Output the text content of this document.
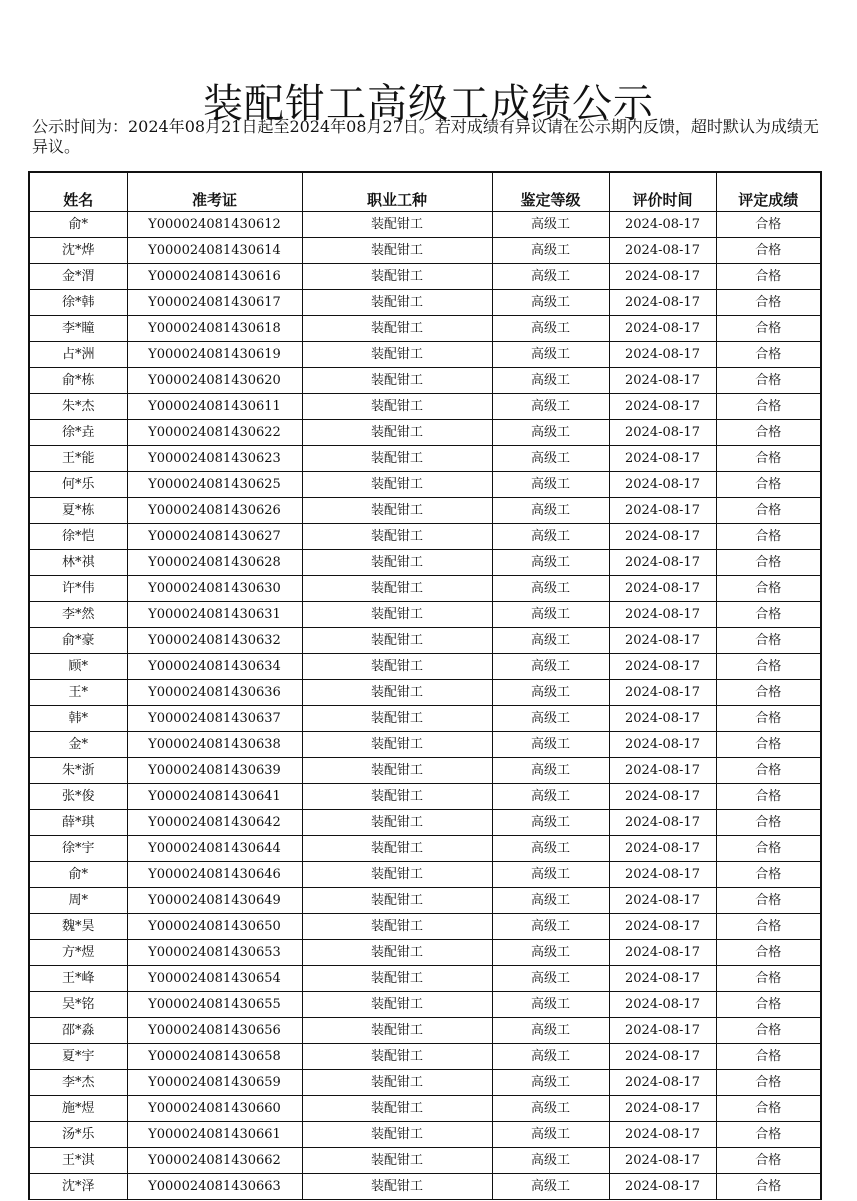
装配钳工高级工成绩公示
公示时间为：2024年08月21日起至2024年08月27日。若对成绩有异议请在公示期内反馈，超时默认为成绩无异议。
姓名	准考证	职业工种	鉴定等级	评价时间	评定成绩
俞*	Y000024081430612	装配钳工	高级工	2024-08-17	合格
沈*烨	Y000024081430614	装配钳工	高级工	2024-08-17	合格
金*渭	Y000024081430616	装配钳工	高级工	2024-08-17	合格
徐*韩	Y000024081430617	装配钳工	高级工	2024-08-17	合格
李*瞳	Y000024081430618	装配钳工	高级工	2024-08-17	合格
占*洲	Y000024081430619	装配钳工	高级工	2024-08-17	合格
俞*栋	Y000024081430620	装配钳工	高级工	2024-08-17	合格
朱*杰	Y000024081430611	装配钳工	高级工	2024-08-17	合格
徐*垚	Y000024081430622	装配钳工	高级工	2024-08-17	合格
王*能	Y000024081430623	装配钳工	高级工	2024-08-17	合格
何*乐	Y000024081430625	装配钳工	高级工	2024-08-17	合格
夏*栋	Y000024081430626	装配钳工	高级工	2024-08-17	合格
徐*恺	Y000024081430627	装配钳工	高级工	2024-08-17	合格
林*祺	Y000024081430628	装配钳工	高级工	2024-08-17	合格
许*伟	Y000024081430630	装配钳工	高级工	2024-08-17	合格
李*然	Y000024081430631	装配钳工	高级工	2024-08-17	合格
俞*豪	Y000024081430632	装配钳工	高级工	2024-08-17	合格
顾*	Y000024081430634	装配钳工	高级工	2024-08-17	合格
王*	Y000024081430636	装配钳工	高级工	2024-08-17	合格
韩*	Y000024081430637	装配钳工	高级工	2024-08-17	合格
金*	Y000024081430638	装配钳工	高级工	2024-08-17	合格
朱*浙	Y000024081430639	装配钳工	高级工	2024-08-17	合格
张*俊	Y000024081430641	装配钳工	高级工	2024-08-17	合格
薛*琪	Y000024081430642	装配钳工	高级工	2024-08-17	合格
徐*宇	Y000024081430644	装配钳工	高级工	2024-08-17	合格
俞*	Y000024081430646	装配钳工	高级工	2024-08-17	合格
周*	Y000024081430649	装配钳工	高级工	2024-08-17	合格
魏*昊	Y000024081430650	装配钳工	高级工	2024-08-17	合格
方*煜	Y000024081430653	装配钳工	高级工	2024-08-17	合格
王*峰	Y000024081430654	装配钳工	高级工	2024-08-17	合格
吴*铭	Y000024081430655	装配钳工	高级工	2024-08-17	合格
邵*淼	Y000024081430656	装配钳工	高级工	2024-08-17	合格
夏*宇	Y000024081430658	装配钳工	高级工	2024-08-17	合格
李*杰	Y000024081430659	装配钳工	高级工	2024-08-17	合格
施*煜	Y000024081430660	装配钳工	高级工	2024-08-17	合格
汤*乐	Y000024081430661	装配钳工	高级工	2024-08-17	合格
王*淇	Y000024081430662	装配钳工	高级工	2024-08-17	合格
沈*泽	Y000024081430663	装配钳工	高级工	2024-08-17	合格
